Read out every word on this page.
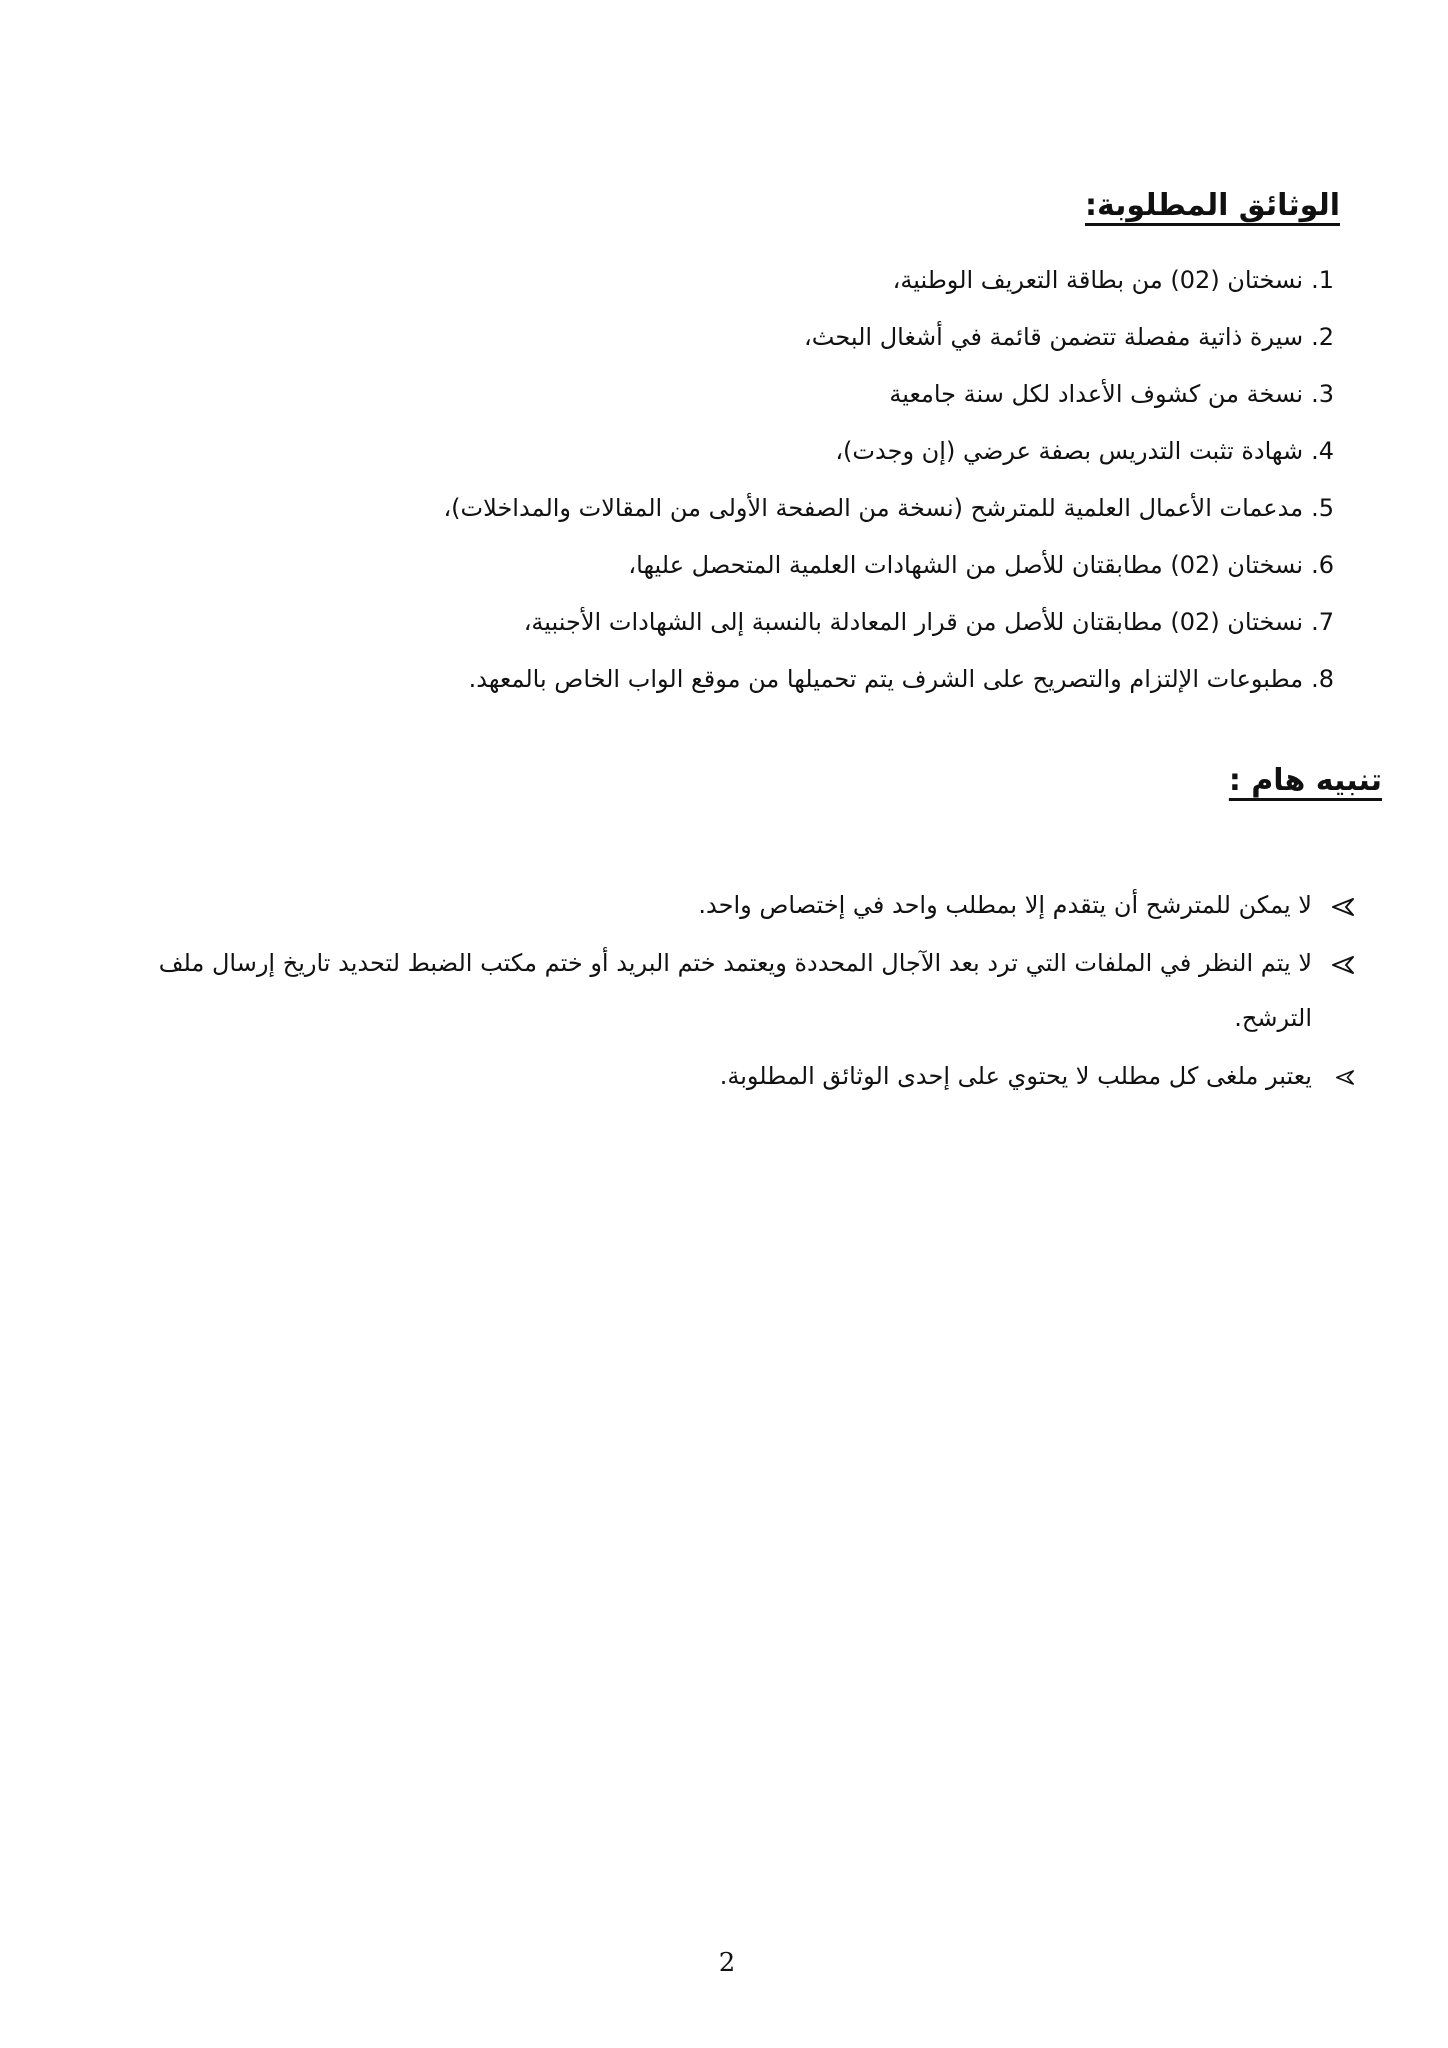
الوثائق المطلوبة:
1.
نسختان (02) من بطاقة التعريف الوطنية،
2.
سيرة ذاتية مفصلة تتضمن قائمة في أشغال البحث،
3.
نسخة من كشوف الأعداد لكل سنة جامعية
4.
شهادة تثبت التدريس بصفة عرضي (إن وجدت)،
5.
مدعمات الأعمال العلمية للمترشح (نسخة من الصفحة الأولى من المقالات والمداخلات)،
6.
نسختان (02) مطابقتان للأصل من الشهادات العلمية المتحصل عليها،
7.
نسختان (02) مطابقتان للأصل من قرار المعادلة بالنسبة إلى الشهادات الأجنبية،
8.
مطبوعات الإلتزام والتصريح على الشرف يتم تحميلها من موقع الواب الخاص بالمعهد.
تنبيه هام :
لا يمكن للمترشح أن يتقدم إلا بمطلب واحد في إختصاص واحد.
لا يتم النظر في الملفات التي ترد بعد الآجال المحددة ويعتمد ختم البريد أو ختم مكتب الضبط لتحديد تاريخ إرسال ملف الترشح.
يعتبر ملغى كل مطلب لا يحتوي على إحدى الوثائق المطلوبة.
2
